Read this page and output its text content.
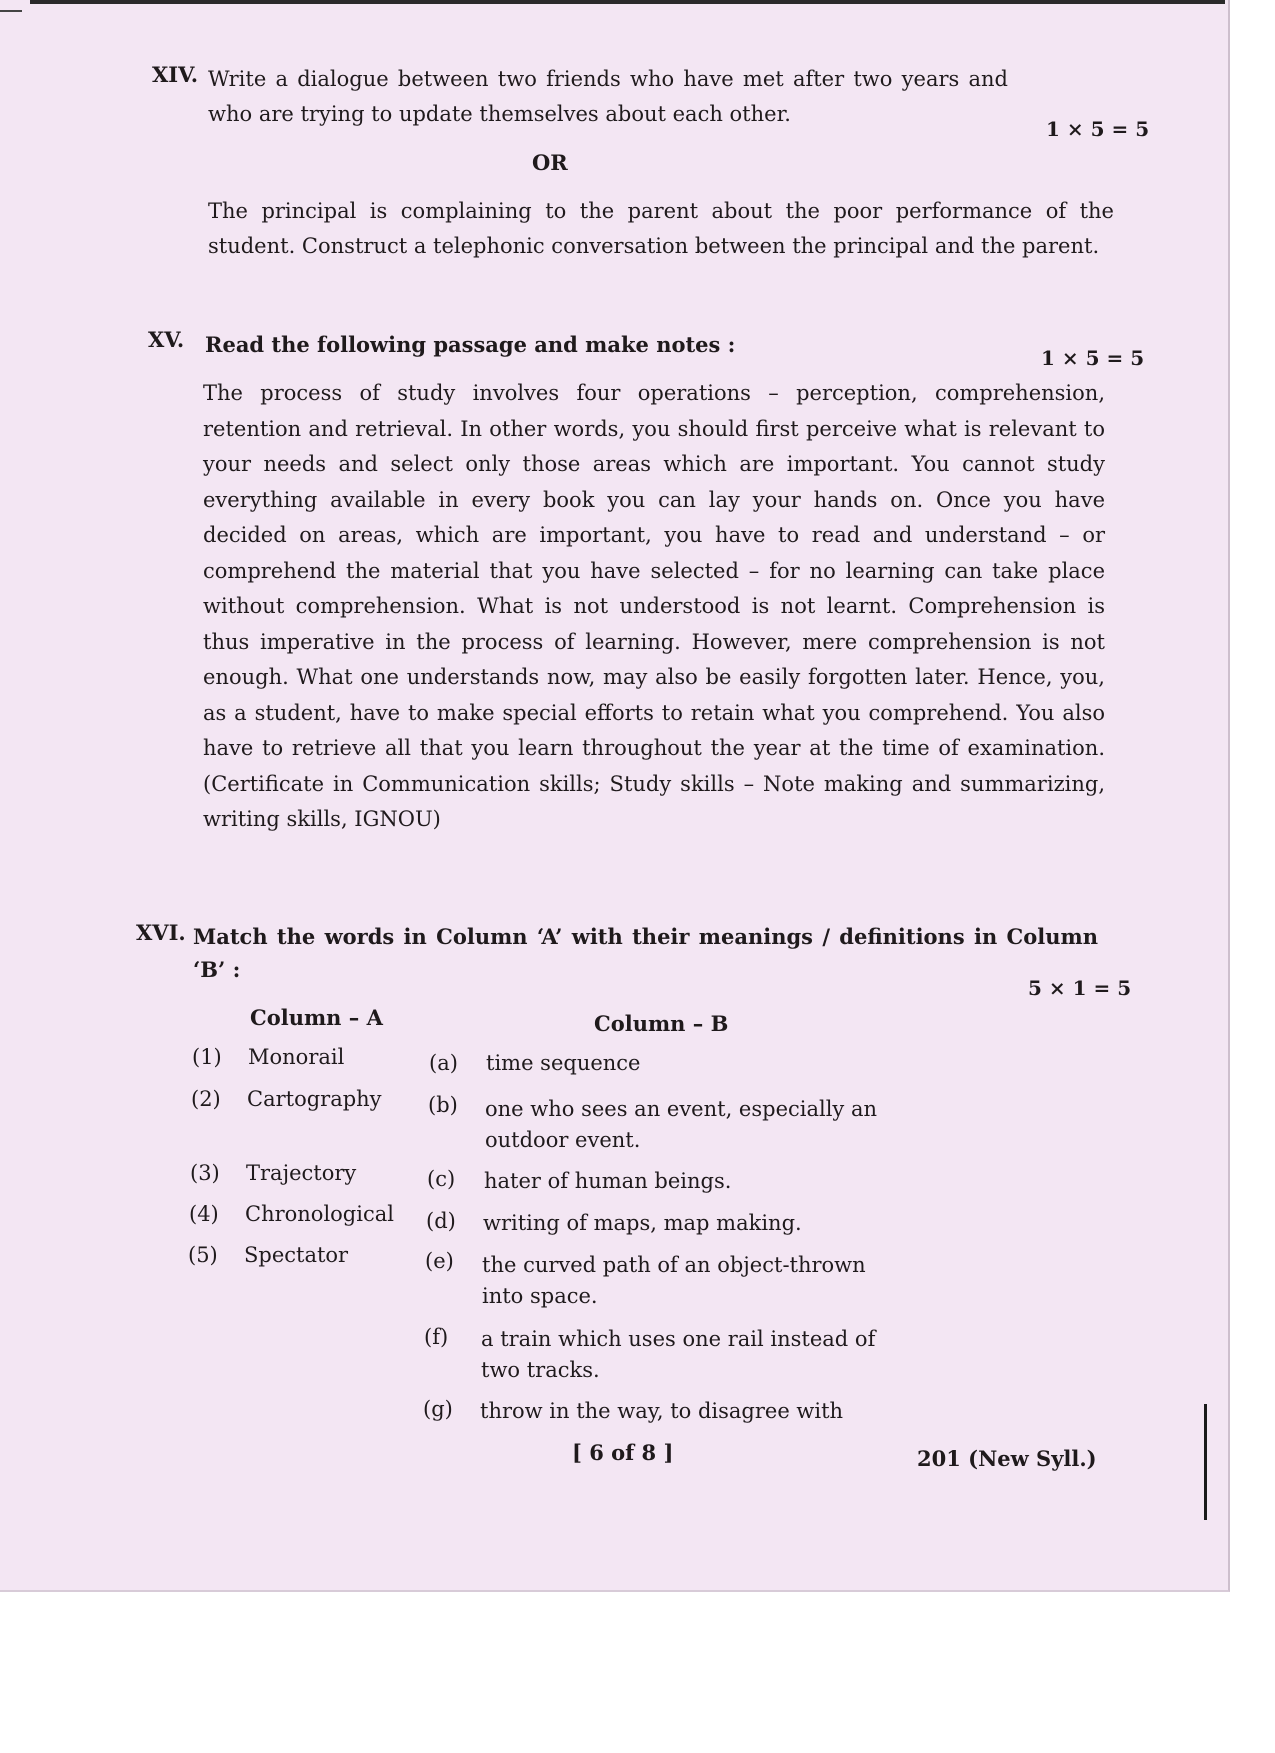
XIV. Write a dialogue between two friends who have met after two years and who are trying to update themselves about each other.

1 × 5 = 5
OR

The principal is complaining to the parent about the poor performance of the student. Construct a telephonic conversation between the principal and the parent.

XV. Read the following passage and make notes :

1 × 5 = 5

The process of study involves four operations – perception, comprehension, retention and retrieval. In other words, you should first perceive what is relevant to your needs and select only those areas which are important. You cannot study everything available in every book you can lay your hands on. Once you have decided on areas, which are important, you have to read and understand – or comprehend the material that you have selected – for no learning can take place without comprehension. What is not understood is not learnt. Comprehension is thus imperative in the process of learning. However, mere comprehension is not enough. What one understands now, may also be easily forgotten later. Hence, you, as a student, have to make special efforts to retain what you comprehend. You also have to retrieve all that you learn throughout the year at the time of examination. (Certificate in Communication skills; Study skills – Note making and summarizing, writing skills, IGNOU)

XVI. Match the words in Column ‘A’ with their meanings / definitions in Column ‘B’ :

5 × 1 = 5
Column – A	Column – B
(1) Monorail
(2) Cartography
(3) Trajectory
(4) Chronological
(5) Spectator
(a) time sequence
(b) one who sees an event, especially an outdoor event.
(c) hater of human beings.
(d) writing of maps, map making.
(e) the curved path of an object-thrown into space.
(f) a train which uses one rail instead of two tracks.
(g) throw in the way, to disagree with
[ 6 of 8 ]	201 (New Syll.)
